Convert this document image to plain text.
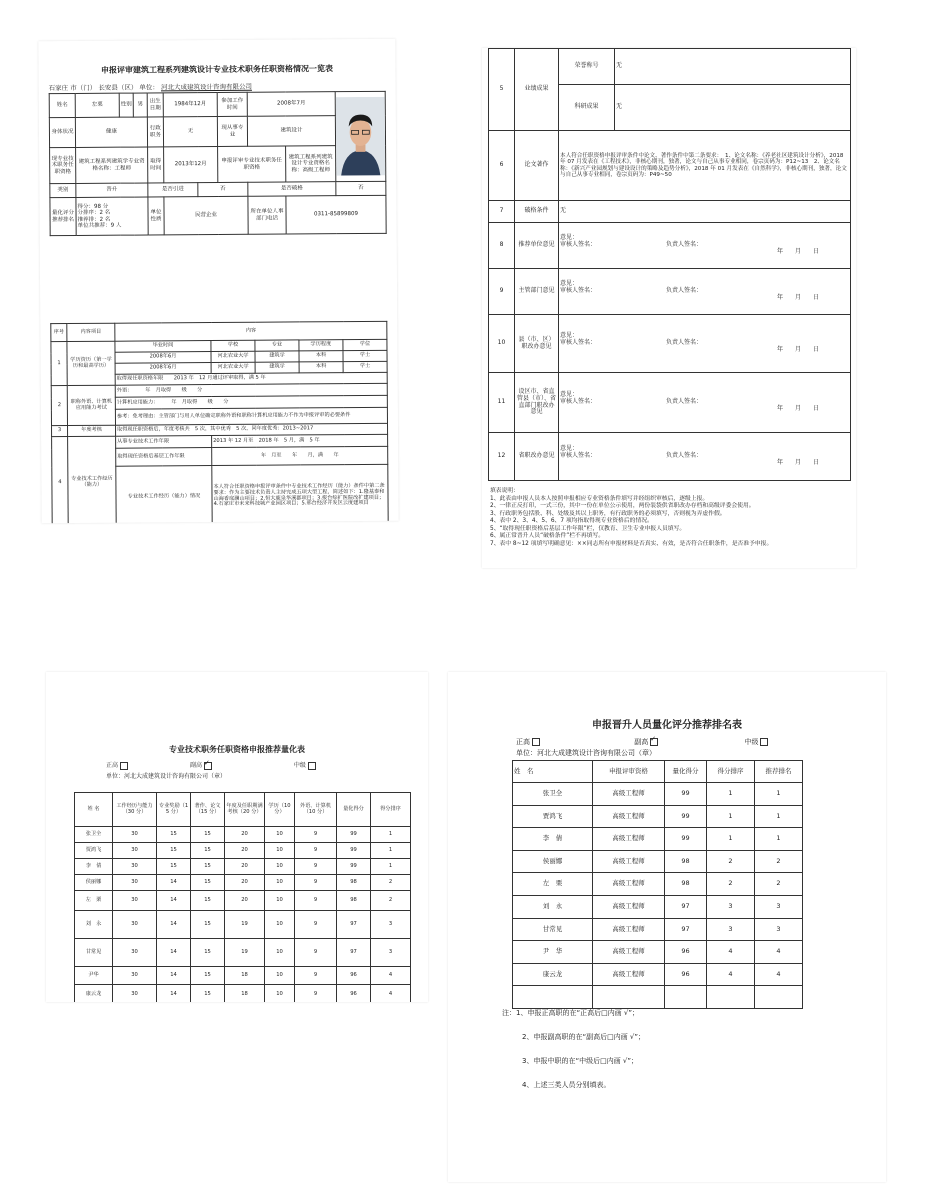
申报评审建筑工程系列建筑设计专业技术职务任职资格情况一览表
石家庄 市（门） 长安县（区） 单位： 河北大成建筑设计咨询有限公司
姓名	左栗	性别	男	出生日期	1984年12月		参加工作时间	2008年7月	

身体状况	健康			行政职务	无		现从事专业	建筑设计		
现专业技术职务任职资格	建筑工程系列建筑学专业资格名称：工程师			取得时间	2013年12月		申报评审专业技术职务任职资格		建筑工程系列建筑设计专业资格名称：高级工程师	
类别	晋升			是否引进		否		是否破格		否
量化评分推荐排名	得分：98 分
分排序：2 名
推荐排：2 名
单位共推荐：9 人			单位性质	民营企业			所在单位人事部门电话	0311-85899809	
序号	内容项目	内容				
1	学历资历（第一学历和最高学历）	毕业时间	学校	专业	学历程度	学位
		2008年6月	河北农业大学	建筑学	本科	学士
		2008年6月	河北农业大学	建筑学	本科	学士
		取得现任职资格年限　　2013 年　12 月通过评审取得，满 5 年				
2	职称外语、计算机应用能力考试	外语：　　　年　月取得　　级　　分				
		计算机应用能力：　　　年　月取得　　级　　分				
		参考：免考理由：主管部门与用人单位确定职称外语和职称计算机应用能力不作为申报评审的必要条件				
3	年度考核	取得现任职资格后，年度考核共　5 次，其中优秀　5 次，同年度优秀：2013~2017				
4	专业技术工作经历（能力）	从事专业技术工作年限	2013 年 12 月至　2018 年　5 月，满　5 年			
		取得现任资格后基层工作年限	年　月至　　年　　月，满　　年			
		专业技术工作经历（能力）情况	本人符合任职资格申报评审条件中专业技术工作经历（能力）条件中第二条要求：作为主要技术负责人主持完成五项大型工程，简述如下：1.隆基泰和山海香庭澜山项目；2.恒大鹿泉华溪郡项目；3.报台综扩医院改扩建项目；4.石家庄市未来科技城产业园区项目；5.邢台经济开发区云度建项目			
5	业绩成果	荣誉称号	无
		科研成果	无
6	论文著作	本人符合任职资格申报评审条件中论文、著作条件中第二条要求：　1、论文名称：《养老社区建筑设计分析》，2018 年 07 月发表在《工程技术》，非核心期刊，独著，论文与自己从事专业相同，卷宗页码为：P12~13　2、论文名称：《新兴产业园规划与建设设计的策略及趋势分析》，2018 年 01 月发表在《自然科学》，非核心期刊，独著，论文与自己从事专业相同，卷宗页码为：P49~50	
7	破格条件	无	
8	推荐单位意见	意见：
审核人签名： 负责人签名：
年　　月　　日	

9	主管部门意见	意见：
审核人签名： 负责人签名：
年　　月　　日	

10	县（市、区）职改办意见	意见：
审核人签名： 负责人签名：
年　　月　　日	

11	设区市、省直管县（市）、省直部门职改办意见	意见：
审核人签名： 负责人签名：
年　　月　　日	

12	省职改办意见	意见：
审核人签名： 负责人签名：
年　　月　　日	
填表说明：
1、此表由申报人员本人按照申报相应专业资格条件填写并经组织审核后，逐级上报。
2、一律正反打印，一式三份，其中一份在单位公示使用，两份装袋供省职改办存档和高级评委会使用。
3、行政职务包括股、科、处级及其以上职务，有行政职务的必须填写，否则视为弄虚作假。
4、表中 2、3、4、5、6、7 项均指取得现专业资格后的情况。
5、“取得现任职资格后基层工作年限”栏，仅教育、卫生专业申报人员填写。
6、属正常晋升人员“破格条件”栏不再填写。
7、表中 8~12 项填写明确意见：××同志所有申报材料是否真实、有效，是否符合任职条件，是否准予申报。
专业技术职务任职资格申报推荐量化表
正高	副高 ✓	中级
单位：河北大成建筑设计咨询有限公司（章）
姓 名	工作经历与能力（30 分）	专业奖励（15 分）	著作、论文（15 分）	年度及任职期满考核（20 分）	学历（10 分）	外语、计算机（10 分）	量化得分	得分排序
张卫全	30	15	15	20	10	9	99	1
贾鸿飞	30	15	15	20	10	9	99	1
李　倩	30	15	15	20	10	9	99	1
侯丽娜	30	14	15	20	10	9	98	2
左　栗	30	14	15	20	10	9	98	2
刘　永	30	14	15	19	10	9	97	3
甘常见	30	14	15	19	10	9	97	3
尹华	30	14	15	18	10	9	96	4
康云龙	30	14	15	18	10	9	96	4
申报晋升人员量化评分推荐排名表
正高	副高 ✓	中级
单位：河北大成建筑设计咨询有限公司（章）
姓　名	申报评审资格	量化得分	得分排序	推荐排名
张卫全	高级工程师	99	1	1
贾鸿飞	高级工程师	99	1	1
李　倩	高级工程师	99	1	1
侯丽娜	高级工程师	98	2	2
左　栗	高级工程师	98	2	2
刘　永	高级工程师	97	3	3
甘常见	高级工程师	97	3	3
尹　华	高级工程师	96	4	4
康云龙	高级工程师	96	4	4

注：1、申报正高职的在“正高后□内画 √”；
2、申报副高职的在“副高后□内画 √”；
3、申报中职的在“中级后□内画 √”；
4、上述三类人员分别填表。
